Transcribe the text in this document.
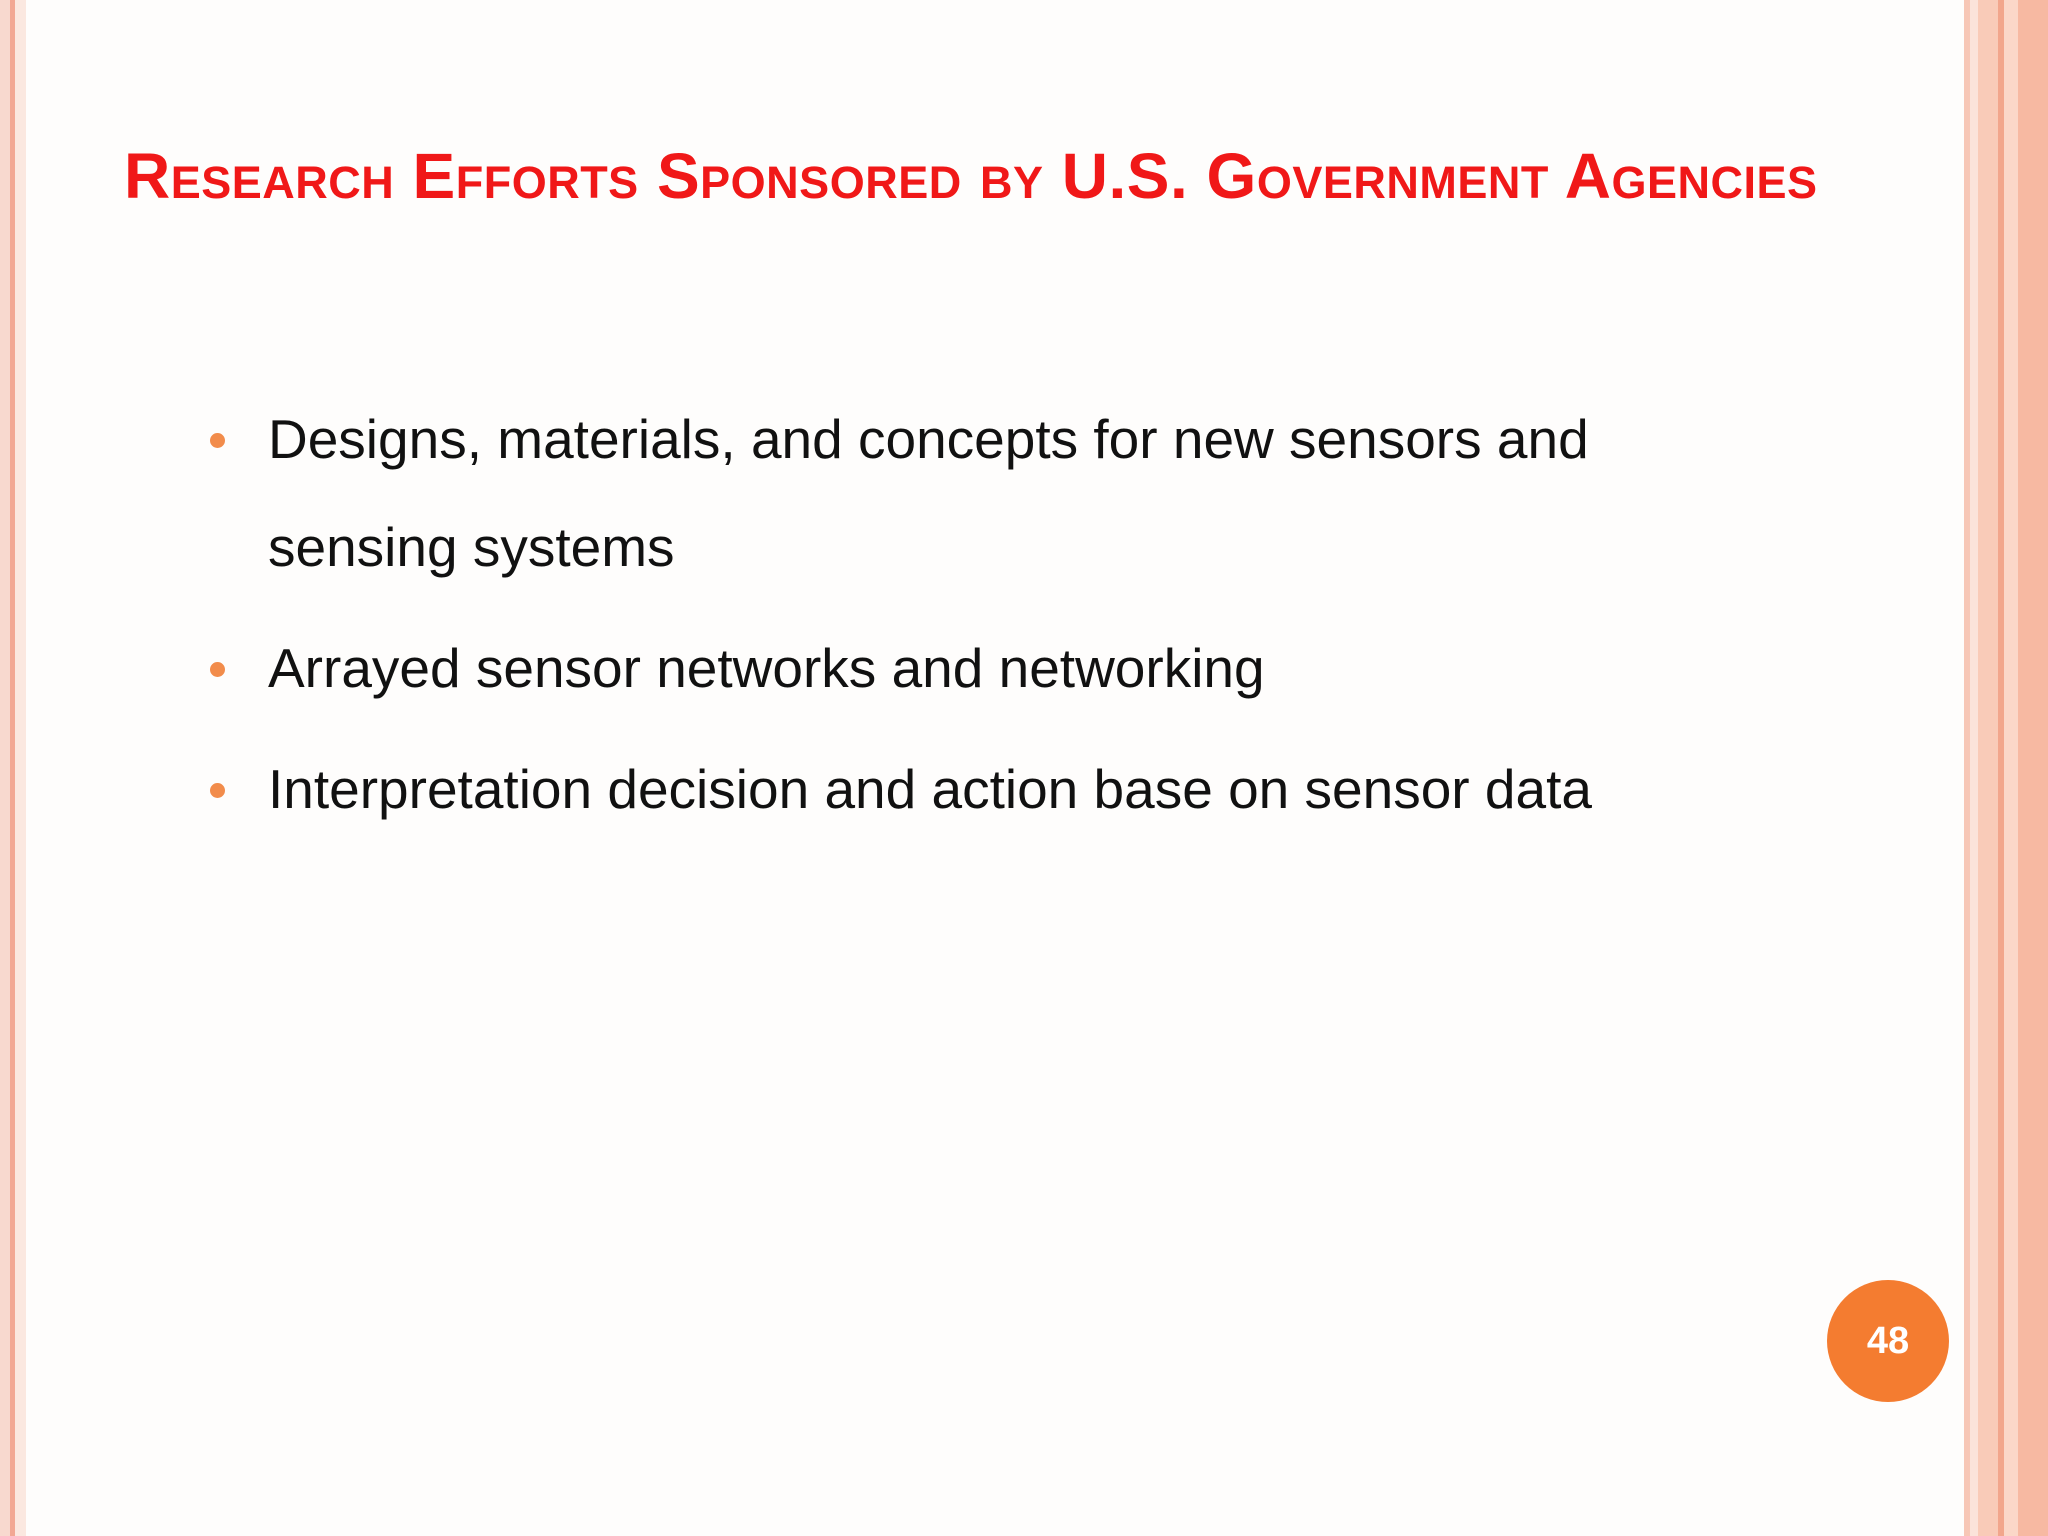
Research Efforts Sponsored by U.S. Government Agencies
Designs, materials, and concepts for new sensors and sensing systems
Arrayed sensor networks and networking
Interpretation decision and action base on sensor data
48
